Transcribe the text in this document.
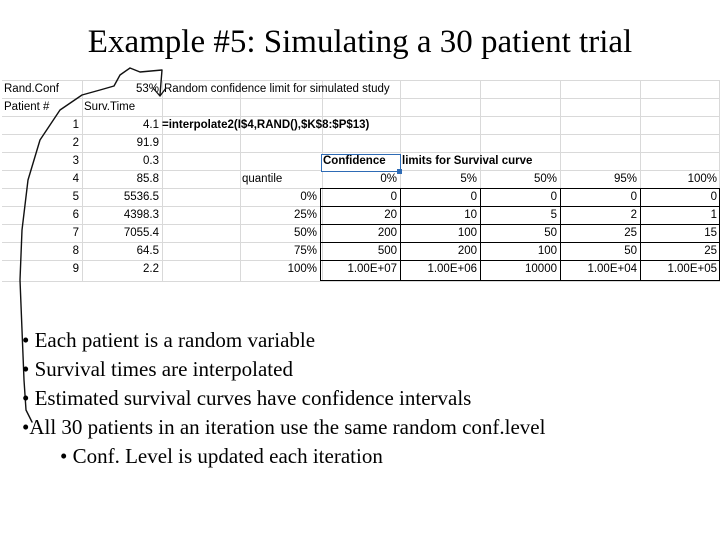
Example #5: Simulating a 30 patient trial
Rand.Conf	53% Random confidence limit for simulated study
Patient #	Surv.Time
=interpolate2(I$4,RAND(),$K$8:$P$13)
Confidence	limits for Survival curve
quantile	0%	5%	50%	95%	100%
1	4.1
2	91.9
3	0.3
4	85.8
5	5536.5
6	4398.3
7	7055.4
8	64.5
9	2.2
0%	0	0	0	0	0
25%	20	10	5	2	1
50%	200	100	50	25	15
75%	500	200	100	50	25
100%	1.00E+07	1.00E+06	10000	1.00E+04	1.00E+05
• Each patient is a random variable
• Survival times are interpolated
• Estimated survival curves have confidence intervals
•All 30 patients in an iteration use the same random conf.level
• Conf. Level is updated each iteration
